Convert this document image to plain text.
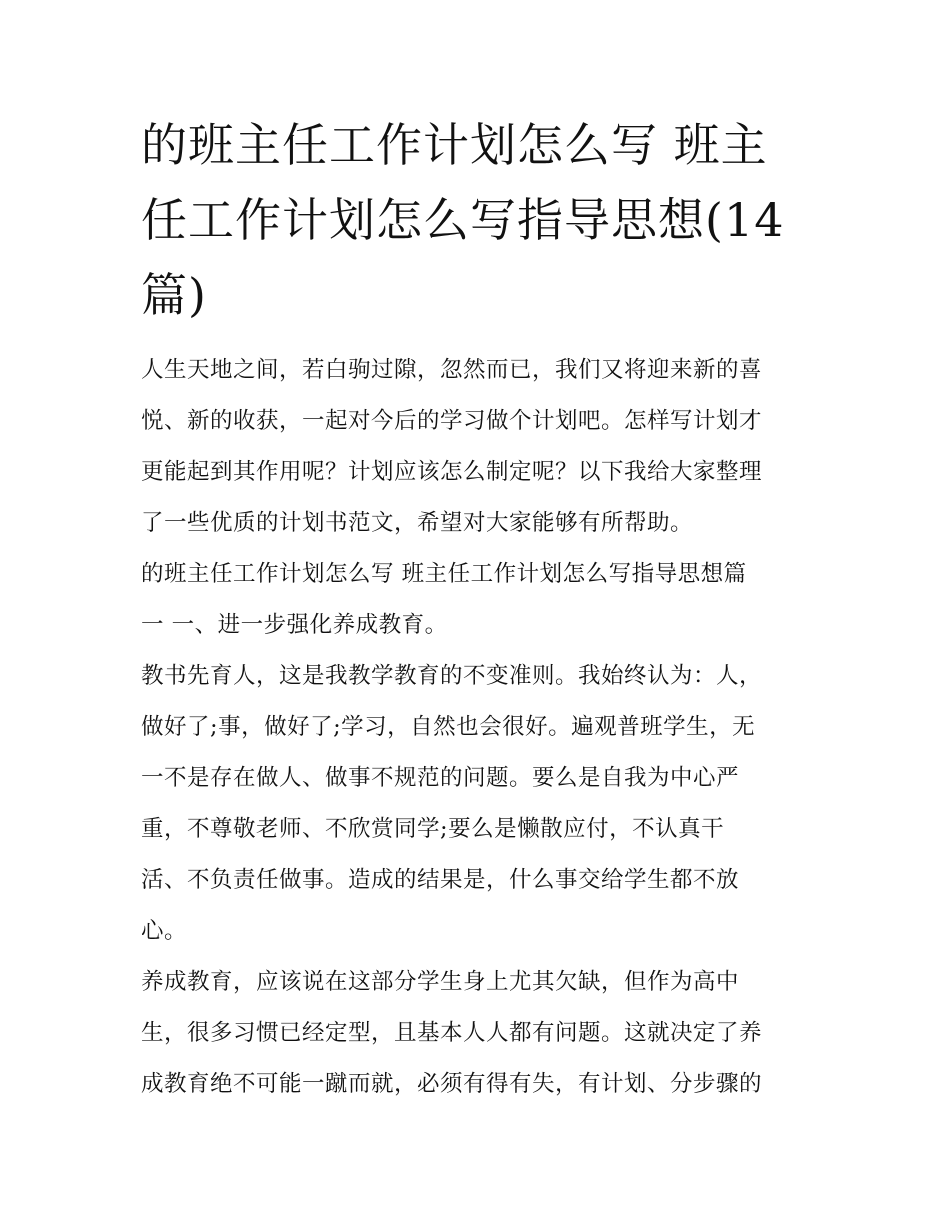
的班主任工作计划怎么写 班主
任工作计划怎么写指导思想(14
篇)

人生天地之间，若白驹过隙，忽然而已，我们又将迎来新的喜
悦、新的收获，一起对今后的学习做个计划吧。怎样写计划才
更能起到其作用呢？计划应该怎么制定呢？以下我给大家整理
了一些优质的计划书范文，希望对大家能够有所帮助。

的班主任工作计划怎么写 班主任工作计划怎么写指导思想篇
一 一、进一步强化养成教育。

教书先育人，这是我教学教育的不变准则。我始终认为：人，
做好了;事，做好了;学习，自然也会很好。遍观普班学生，无
一不是存在做人、做事不规范的问题。要么是自我为中心严
重，不尊敬老师、不欣赏同学;要么是懒散应付，不认真干
活、不负责任做事。造成的结果是，什么事交给学生都不放
心。

养成教育，应该说在这部分学生身上尤其欠缺，但作为高中
生，很多习惯已经定型，且基本人人都有问题。这就决定了养
成教育绝不可能一蹴而就，必须有得有失，有计划、分步骤的
